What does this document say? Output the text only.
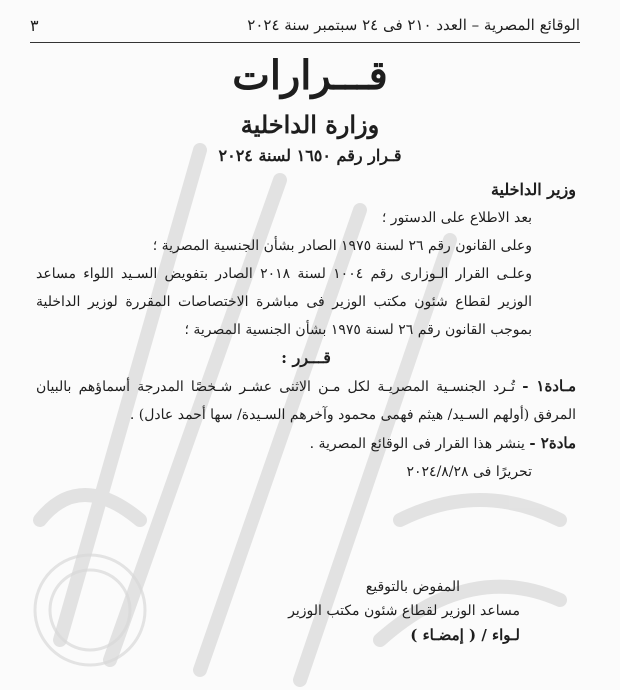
الوقائع المصرية – العدد ٢١٠ فى ٢٤ سبتمبر سنة ٢٠٢٤
٣
قـــرارات
وزارة الداخلية
قـرار رقم ١٦٥٠ لسنة ٢٠٢٤

وزير الداخلية

بعد الاطلاع على الدستور ؛

وعلى القانون رقم ٢٦ لسنة ١٩٧٥ الصادر بشأن الجنسية المصرية ؛

وعلـى القرار الـوزارى رقم ١٠٠٤ لسنة ٢٠١٨ الصادر بتفويض السـيد اللواء مساعد الوزير لقطاع شئون مكتب الوزير فى مباشرة الاختصاصات المقررة لوزير الداخلية بموجب القانون رقم ٢٦ لسنة ١٩٧٥ بشأن الجنسية المصرية ؛

قـــرر :

مـادة١ - تُـرد الجنسـية المصريـة لكل مـن الاثنى عشـر شـخصًا المدرجة أسماؤهم بالبيان المرفق (أولهم السـيد/ هيثم فهمى محمود وآخرهم السـيدة/ سها أحمد عادل) .

مادة٢ - ينشر هذا القرار فى الوقائع المصرية .

تحريرًا فى ٢٠٢٤/٨/٢٨

المفوض بالتوقيع
مساعد الوزير لقطاع شئون مكتب الوزير
لـواء / ( إمضـاء )
